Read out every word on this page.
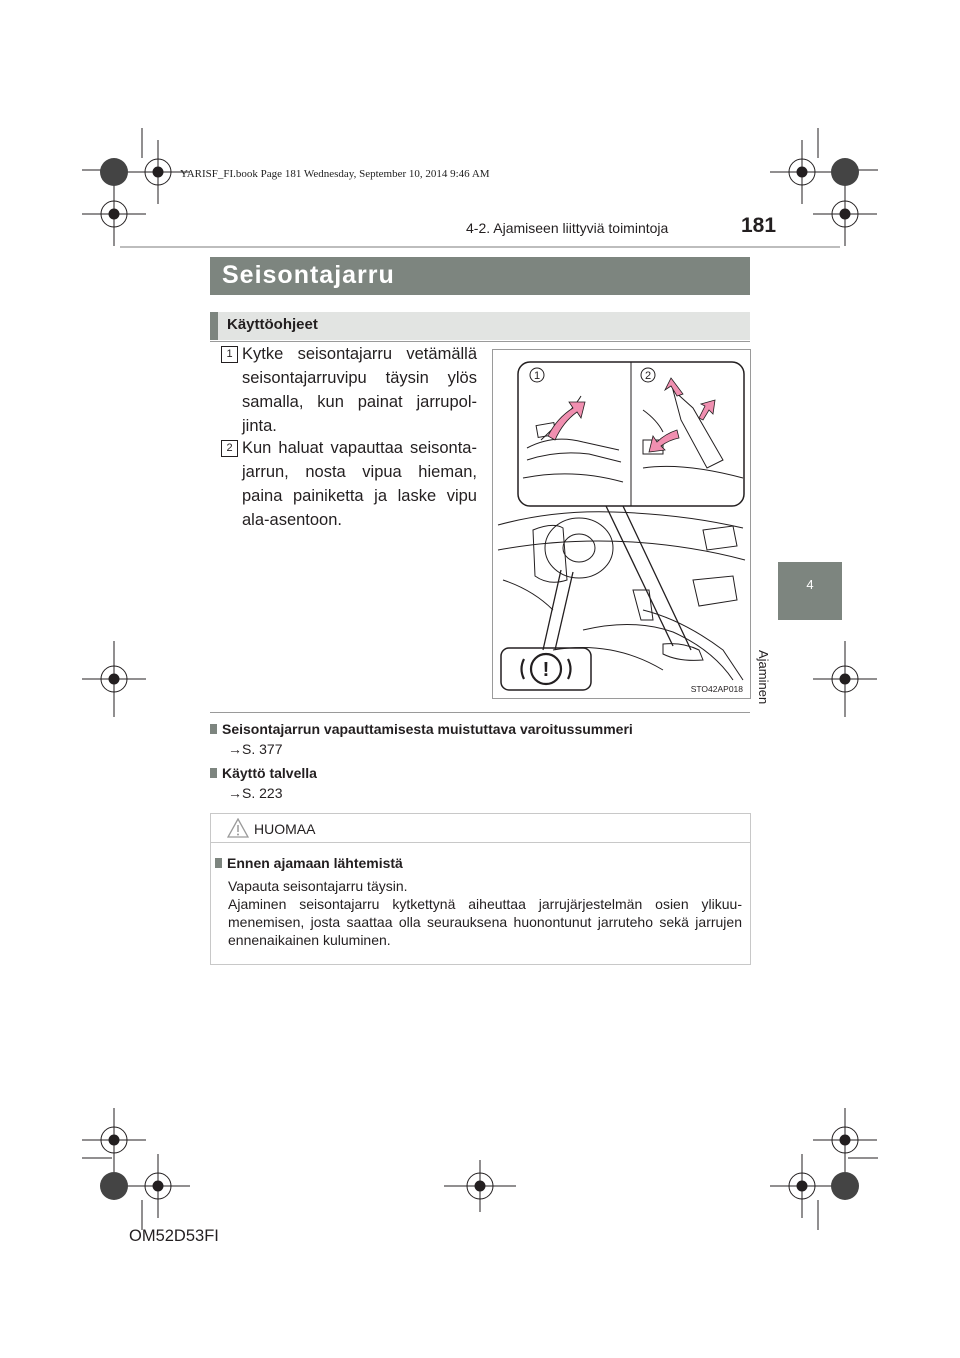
YARISF_FI.book Page 181 Wednesday, September 10, 2014 9:46 AM
4-2. Ajamiseen liittyviä toimintoja	181
4
Ajaminen
Seisontajarru
Käyttöohjeet
1 Kytke seisontajarru vetämällä seisontajarruvipu täysin ylös samalla, kun painat jarrupoljinta.
2 Kun haluat vapauttaa seisontajarrun, nosta vipua hieman, paina painiketta ja laske vipu ala-asentoon.
1	2
!
STO42AP018
Seisontajarrun vapauttamisesta muistuttava varoitussummeri
→S. 377
Käyttö talvella
→S. 223
HUOMAA
Ennen ajamaan lähtemistä

Vapauta seisontajarru täysin.

Ajaminen seisontajarru kytkettynä aiheuttaa jarrujärjestelmän osien ylikuumenemisen, josta saattaa olla seurauksena huonontunut jarruteho sekä jarrujen ennenaikainen kuluminen.

OM52D53FI
